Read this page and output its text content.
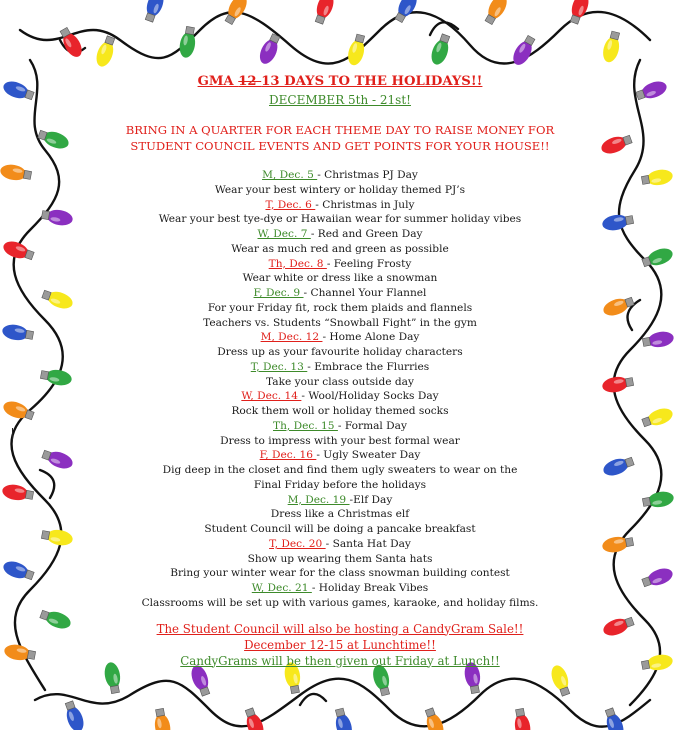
GMA 12 13 DAYS TO THE HOLIDAYS!!
DECEMBER 5th - 21st!
BRING IN A QUARTER FOR EACH THEME DAY TO RAISE MONEY FOR
STUDENT COUNCIL EVENTS AND GET POINTS FOR YOUR HOUSE!!
M, Dec. 5 - Christmas PJ Day
Wear your best wintery or holiday themed PJ’s
T, Dec. 6 - Christmas in July
Wear your best tye-dye or Hawaiian wear for summer holiday vibes
W, Dec. 7 - Red and Green Day
Wear as much red and green as possible
Th, Dec. 8 - Feeling Frosty
Wear white or dress like a snowman
F, Dec. 9 - Channel Your Flannel
For your Friday fit, rock them plaids and flannels
Teachers vs. Students “Snowball Fight” in the gym
M, Dec. 12 - Home Alone Day
Dress up as your favourite holiday characters
T, Dec. 13 - Embrace the Flurries
Take your class outside day
W, Dec. 14 - Wool/Holiday Socks Day
Rock them woll or holiday themed socks
Th, Dec. 15 - Formal Day
Dress to impress with your best formal wear
F, Dec. 16 - Ugly Sweater Day
Dig deep in the closet and find them ugly sweaters to wear on the
Final Friday before the holidays
M, Dec. 19 -Elf Day
Dress like a Christmas elf
Student Council will be doing a pancake breakfast
T, Dec. 20 - Santa Hat Day
Show up wearing them Santa hats
Bring your winter wear for the class snowman building contest
W, Dec. 21 - Holiday Break Vibes
Classrooms will be set up with various games, karaoke, and holiday films.
The Student Council will also be hosting a CandyGram Sale!!
December 12-15 at Lunchtime!!
CandyGrams will be then given out Friday at Lunch!!
